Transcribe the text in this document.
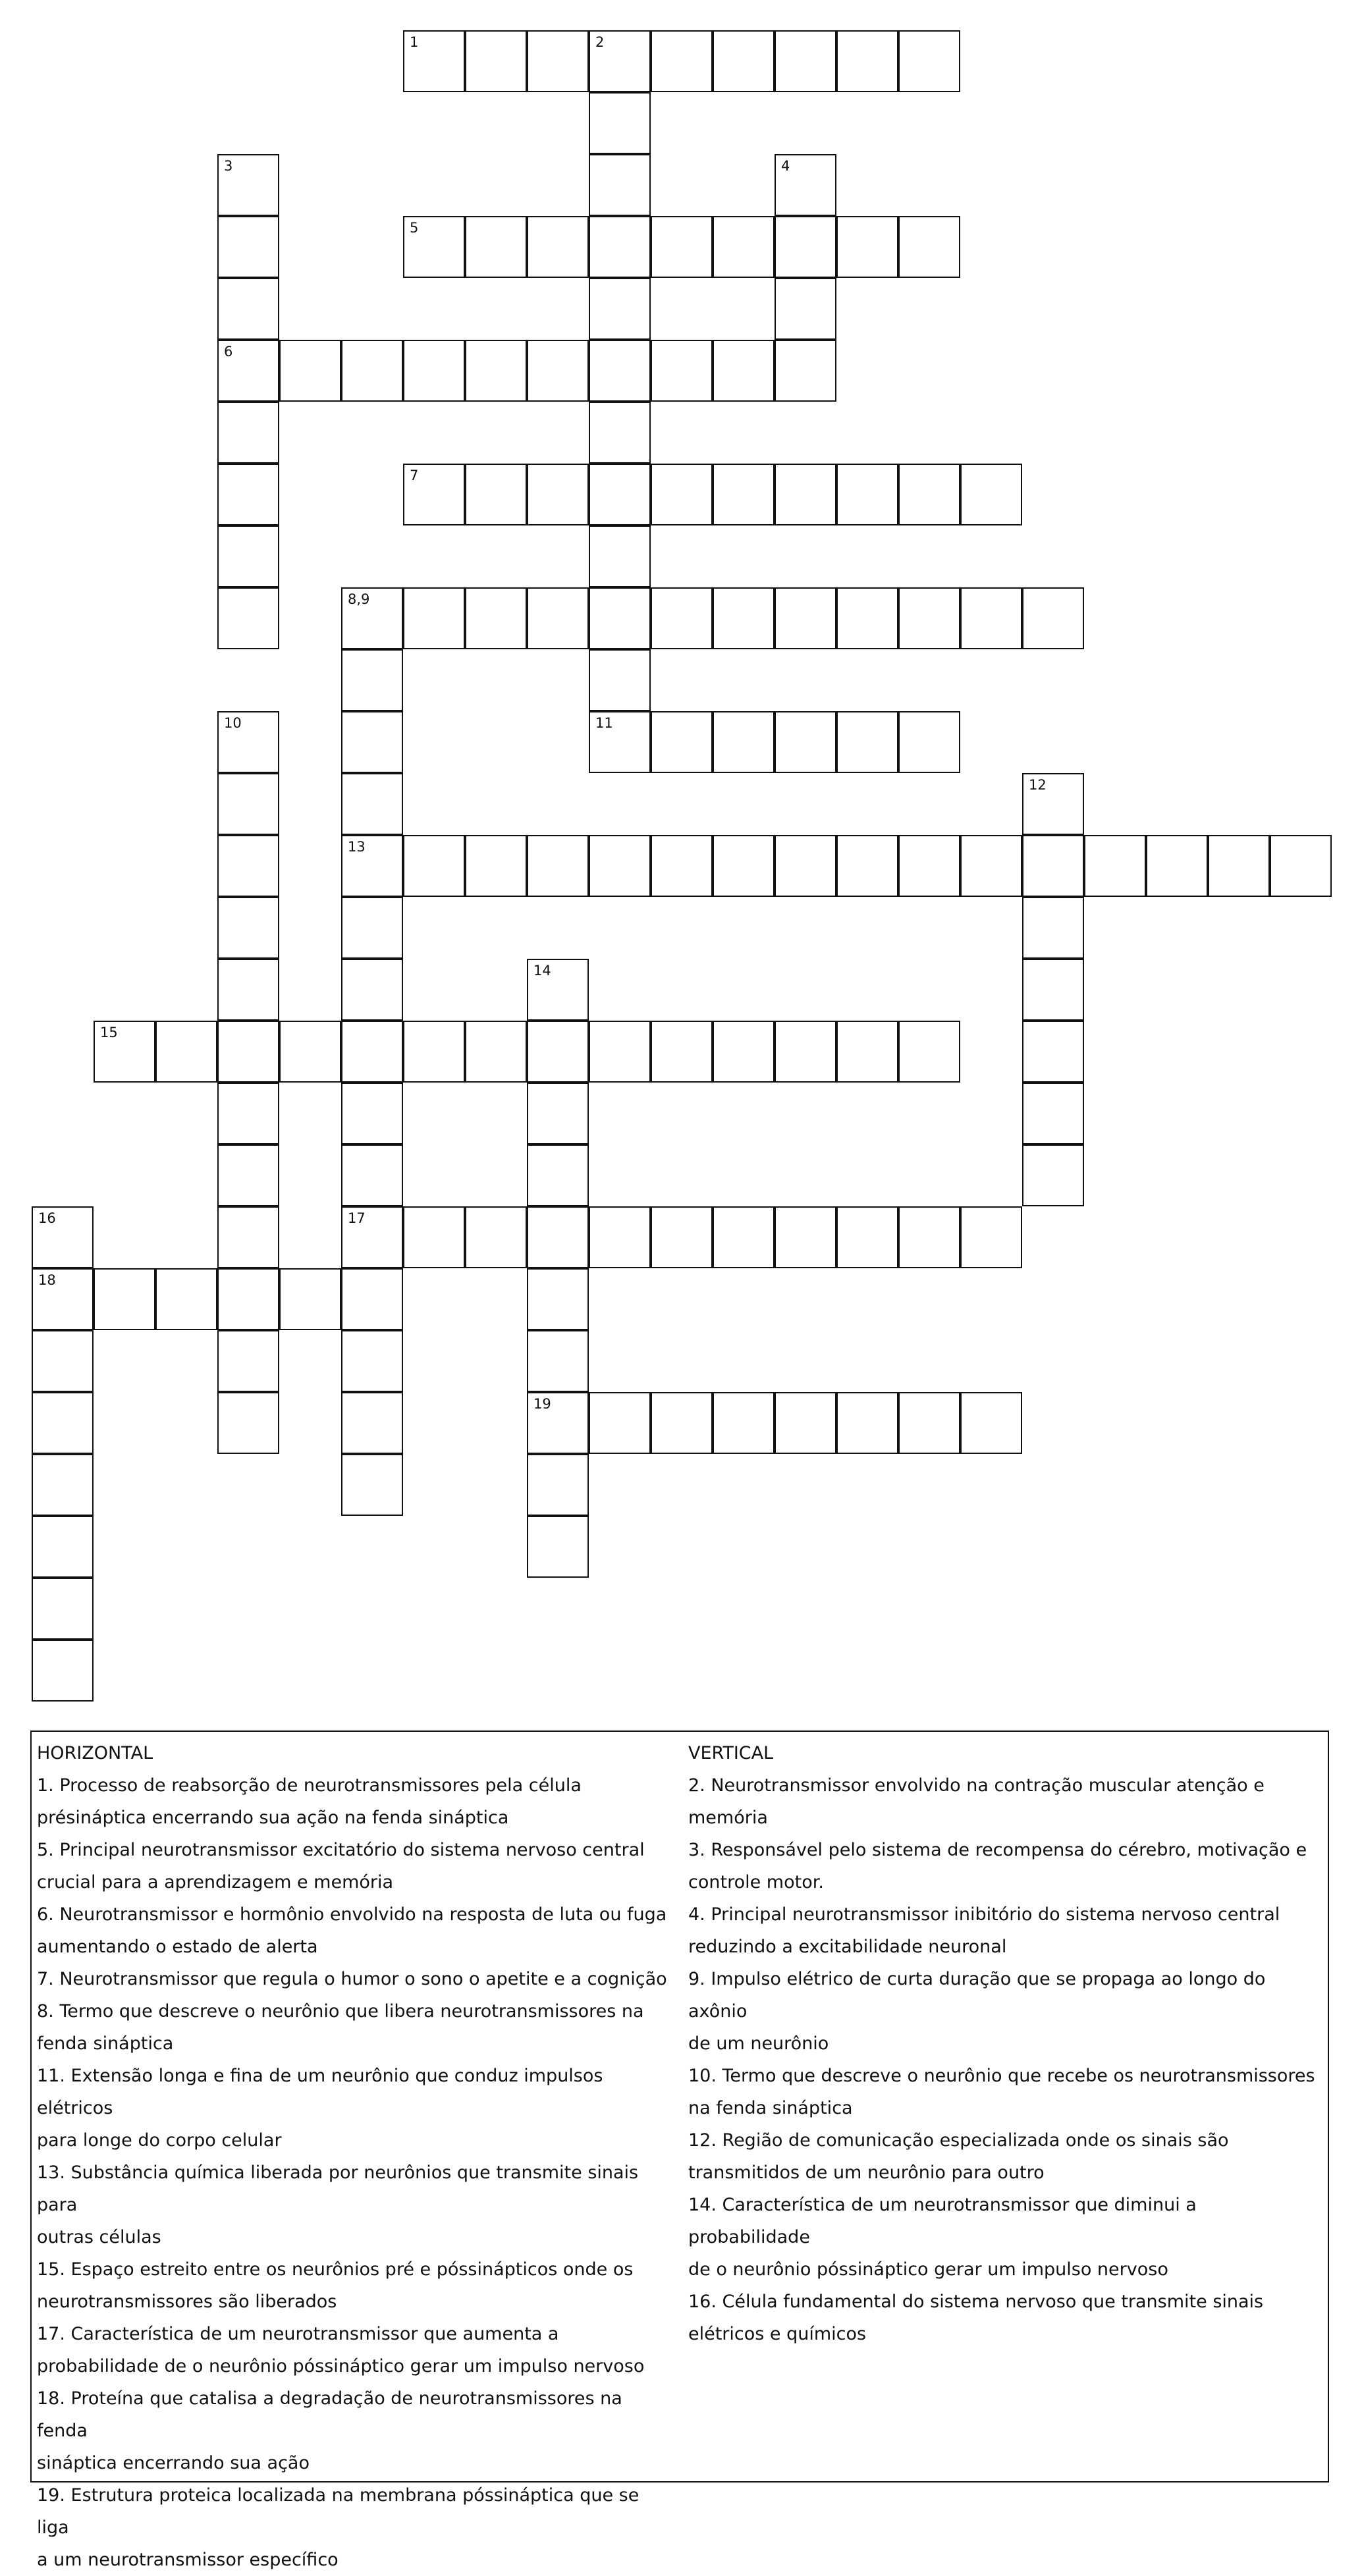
1	2
3	4
5
6
7
8,9
10	11
12
13
14
15
16	17
18
19
HORIZONTAL
1. Processo de reabsorção de neurotransmissores pela célula
présináptica encerrando sua ação na fenda sináptica
5. Principal neurotransmissor excitatório do sistema nervoso central
crucial para a aprendizagem e memória
6. Neurotransmissor e hormônio envolvido na resposta de luta ou fuga
aumentando o estado de alerta
7. Neurotransmissor que regula o humor o sono o apetite e a cognição
8. Termo que descreve o neurônio que libera neurotransmissores na
fenda sináptica
11. Extensão longa e fina de um neurônio que conduz impulsos elétricos
para longe do corpo celular
13. Substância química liberada por neurônios que transmite sinais para
outras células
15. Espaço estreito entre os neurônios pré e póssinápticos onde os
neurotransmissores são liberados
17. Característica de um neurotransmissor que aumenta a
probabilidade de o neurônio póssináptico gerar um impulso nervoso
18. Proteína que catalisa a degradação de neurotransmissores na fenda
sináptica encerrando sua ação
19. Estrutura proteica localizada na membrana póssináptica que se liga
a um neurotransmissor específico
VERTICAL
2. Neurotransmissor envolvido na contração muscular atenção e
memória
3. Responsável pelo sistema de recompensa do cérebro, motivação e
controle motor.
4. Principal neurotransmissor inibitório do sistema nervoso central
reduzindo a excitabilidade neuronal
9. Impulso elétrico de curta duração que se propaga ao longo do axônio
de um neurônio
10. Termo que descreve o neurônio que recebe os neurotransmissores
na fenda sináptica
12. Região de comunicação especializada onde os sinais são
transmitidos de um neurônio para outro
14. Característica de um neurotransmissor que diminui a probabilidade
de o neurônio póssináptico gerar um impulso nervoso
16. Célula fundamental do sistema nervoso que transmite sinais
elétricos e químicos
